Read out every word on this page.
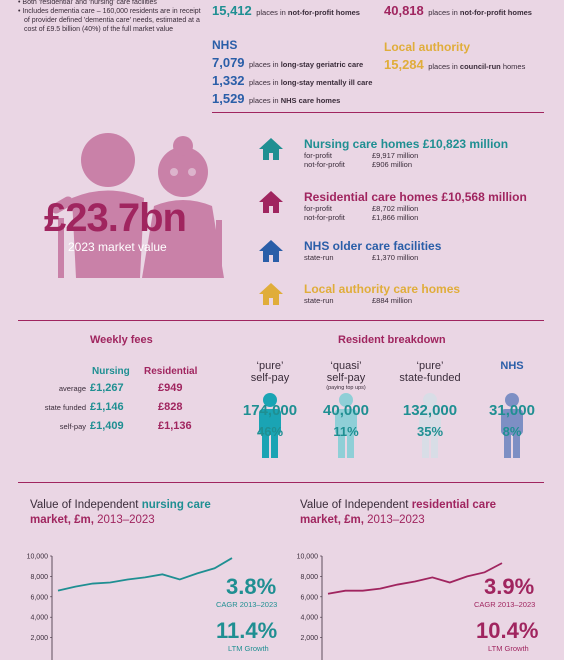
• Both 'residential' and 'nursing' care facilities
• Includes dementia care – 160,000 residents are in receipt of provider defined 'dementia care' needs, estimated at a cost of £9.5 billion (40%) of the full market value
15,412 places in not-for-profit homes 40,818 places in not-for-profit homes
NHS
7,079 places in long-stay geriatric care
1,332 places in long-stay mentally ill care
1,529 places in NHS care homes
Local authority
15,284 places in council-run homes
£23.7bn
2023 market value
Nursing care homes £10,823 million
for-profit	£9,917 million
not-for-profit	£906 million
Residential care homes £10,568 million
for-profit	£8,702 million
not-for-profit	£1,866 million
NHS older care facilities
state-run	£1,370 million
Local authority care homes
state-run	£884 million
Weekly fees
Nursing Residential
average £1,267	£949
state funded £1,146	£828
self-pay £1,409	£1,136
Resident breakdown
‘pure’
self-pay
174,000
46%
‘quasi’
self-pay
(paying top ups)
40,000
11%
‘pure’
state-funded
132,000
35%
NHS
31,000
8%
Value of Independent nursing care
market, £m, 2013–2023
Value of Independent residential care
market, £m, 2013–2023
10,000
8,000
6,000
4,000
2,000
10,000
8,000
6,000
4,000
2,000
3.8%
CAGR 2013–2023
11.4%
LTM Growth
3.9%
CAGR 2013–2023
10.4%
LTM Growth
